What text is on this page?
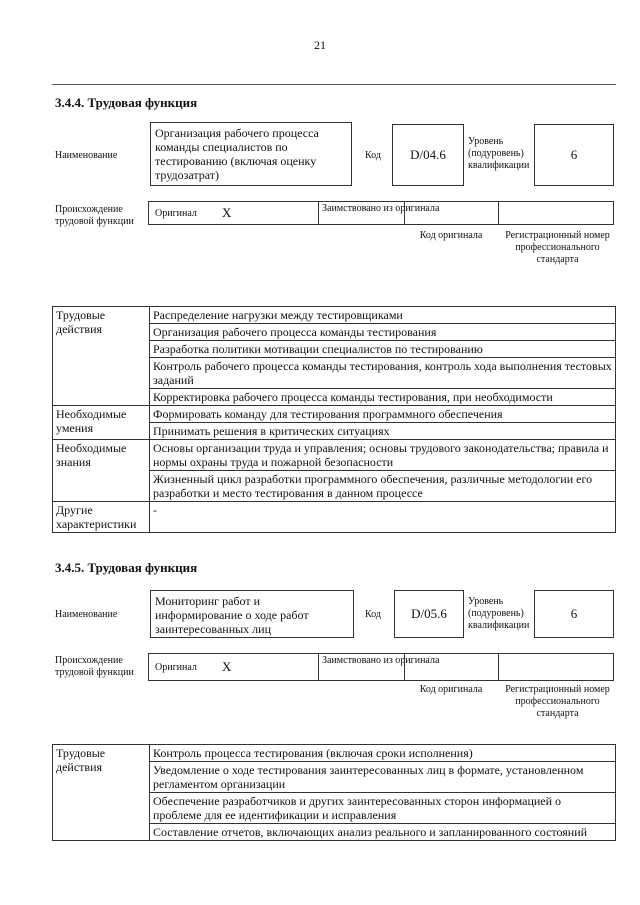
21
3.4.4. Трудовая функция
Наименование
Организация рабочего процесса команды специалистов по тестированию (включая оценку трудозатрат)
Код	D/04.6
Уровень (подуровень) квалификации
6
Происхождение трудовой функции
Оригинал X	Заимствовано из оригинала
Код оригинала	Регистрационный номер профессионального стандарта
Трудовые действия	Распределение нагрузки между тестировщиками
	Организация рабочего процесса команды тестирования
	Разработка политики мотивации специалистов по тестированию
	Контроль рабочего процесса команды тестирования, контроль хода выполнения тестовых заданий
	Корректировка рабочего процесса команды тестирования, при необходимости
Необходимые умения	Формировать команду для тестирования программного обеспечения
	Принимать решения в критических ситуациях
Необходимые знания	Основы организации труда и управления; основы трудового законодательства; правила и нормы охраны труда и пожарной безопасности
	Жизненный цикл разработки программного обеспечения, различные методологии его разработки и место тестирования в данном процессе
Другие характеристики	-
3.4.5. Трудовая функция
Наименование
Мониторинг работ и информирование о ходе работ заинтересованных лиц
Код	D/05.6
Уровень (подуровень) квалификации
6
Происхождение трудовой функции	Оригинал X	Заимствовано из оригинала
Код оригинала	Регистрационный номер профессионального стандарта
Трудовые действия	Контроль процесса тестирования (включая сроки исполнения)
Уведомление о ходе тестирования заинтересованных лиц в формате, установленном регламентом организации
Обеспечение разработчиков и других заинтересованных сторон информацией о проблеме для ее идентификации и исправления
Составление отчетов, включающих анализ реального и запланированного состояний
